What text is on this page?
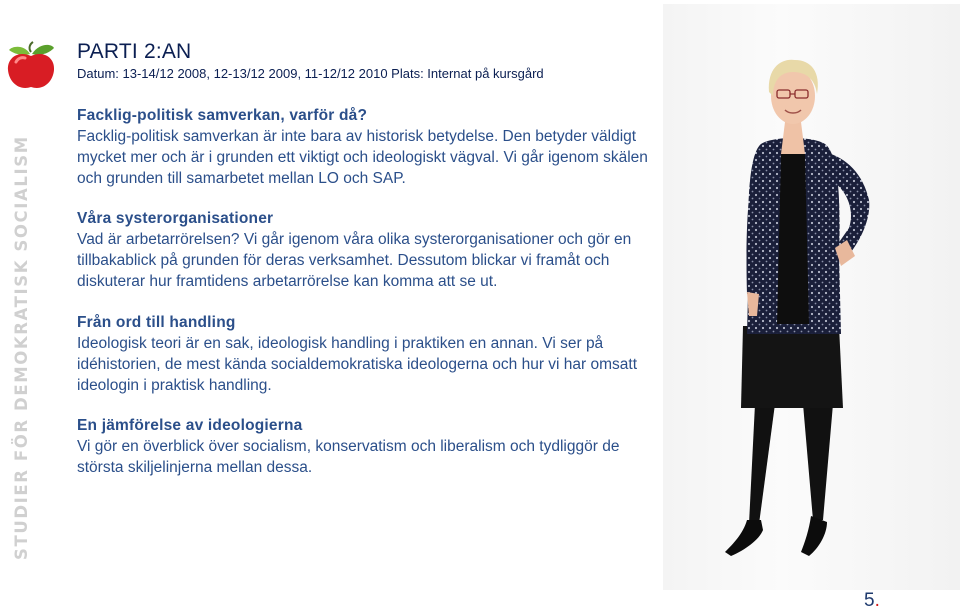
STUDIER FÖR DEMOKRATISK SOCIALISM
PARTI 2:AN
Datum: 13-14/12 2008, 12-13/12 2009, 11-12/12 2010 Plats: Internat på kursgård
Facklig-politisk samverkan, varför då?

Facklig-politisk samverkan är inte bara av historisk betydelse. Den betyder väldigt mycket mer och är i grunden ett viktigt och ideologiskt vägval. Vi går igenom skälen och grunden till samarbetet mellan LO och SAP.

Våra systerorganisationer

Vad är arbetarrörelsen? Vi går igenom våra olika systerorganisationer och gör en tillbakablick på grunden för deras verksamhet. Dessutom blickar vi framåt och diskuterar hur framtidens arbetarrörelse kan komma att se ut.

Från ord till handling

Ideologisk teori är en sak, ideologisk handling i praktiken en annan. Vi ser på idéhistorien, de mest kända socialdemokratiska ideologerna och hur vi har omsatt ideologin i praktisk handling.

En jämförelse av ideologierna

Vi gör en överblick över socialism, konservatism och liberalism och tydliggör de största skiljelinjerna mellan dessa.

5.
